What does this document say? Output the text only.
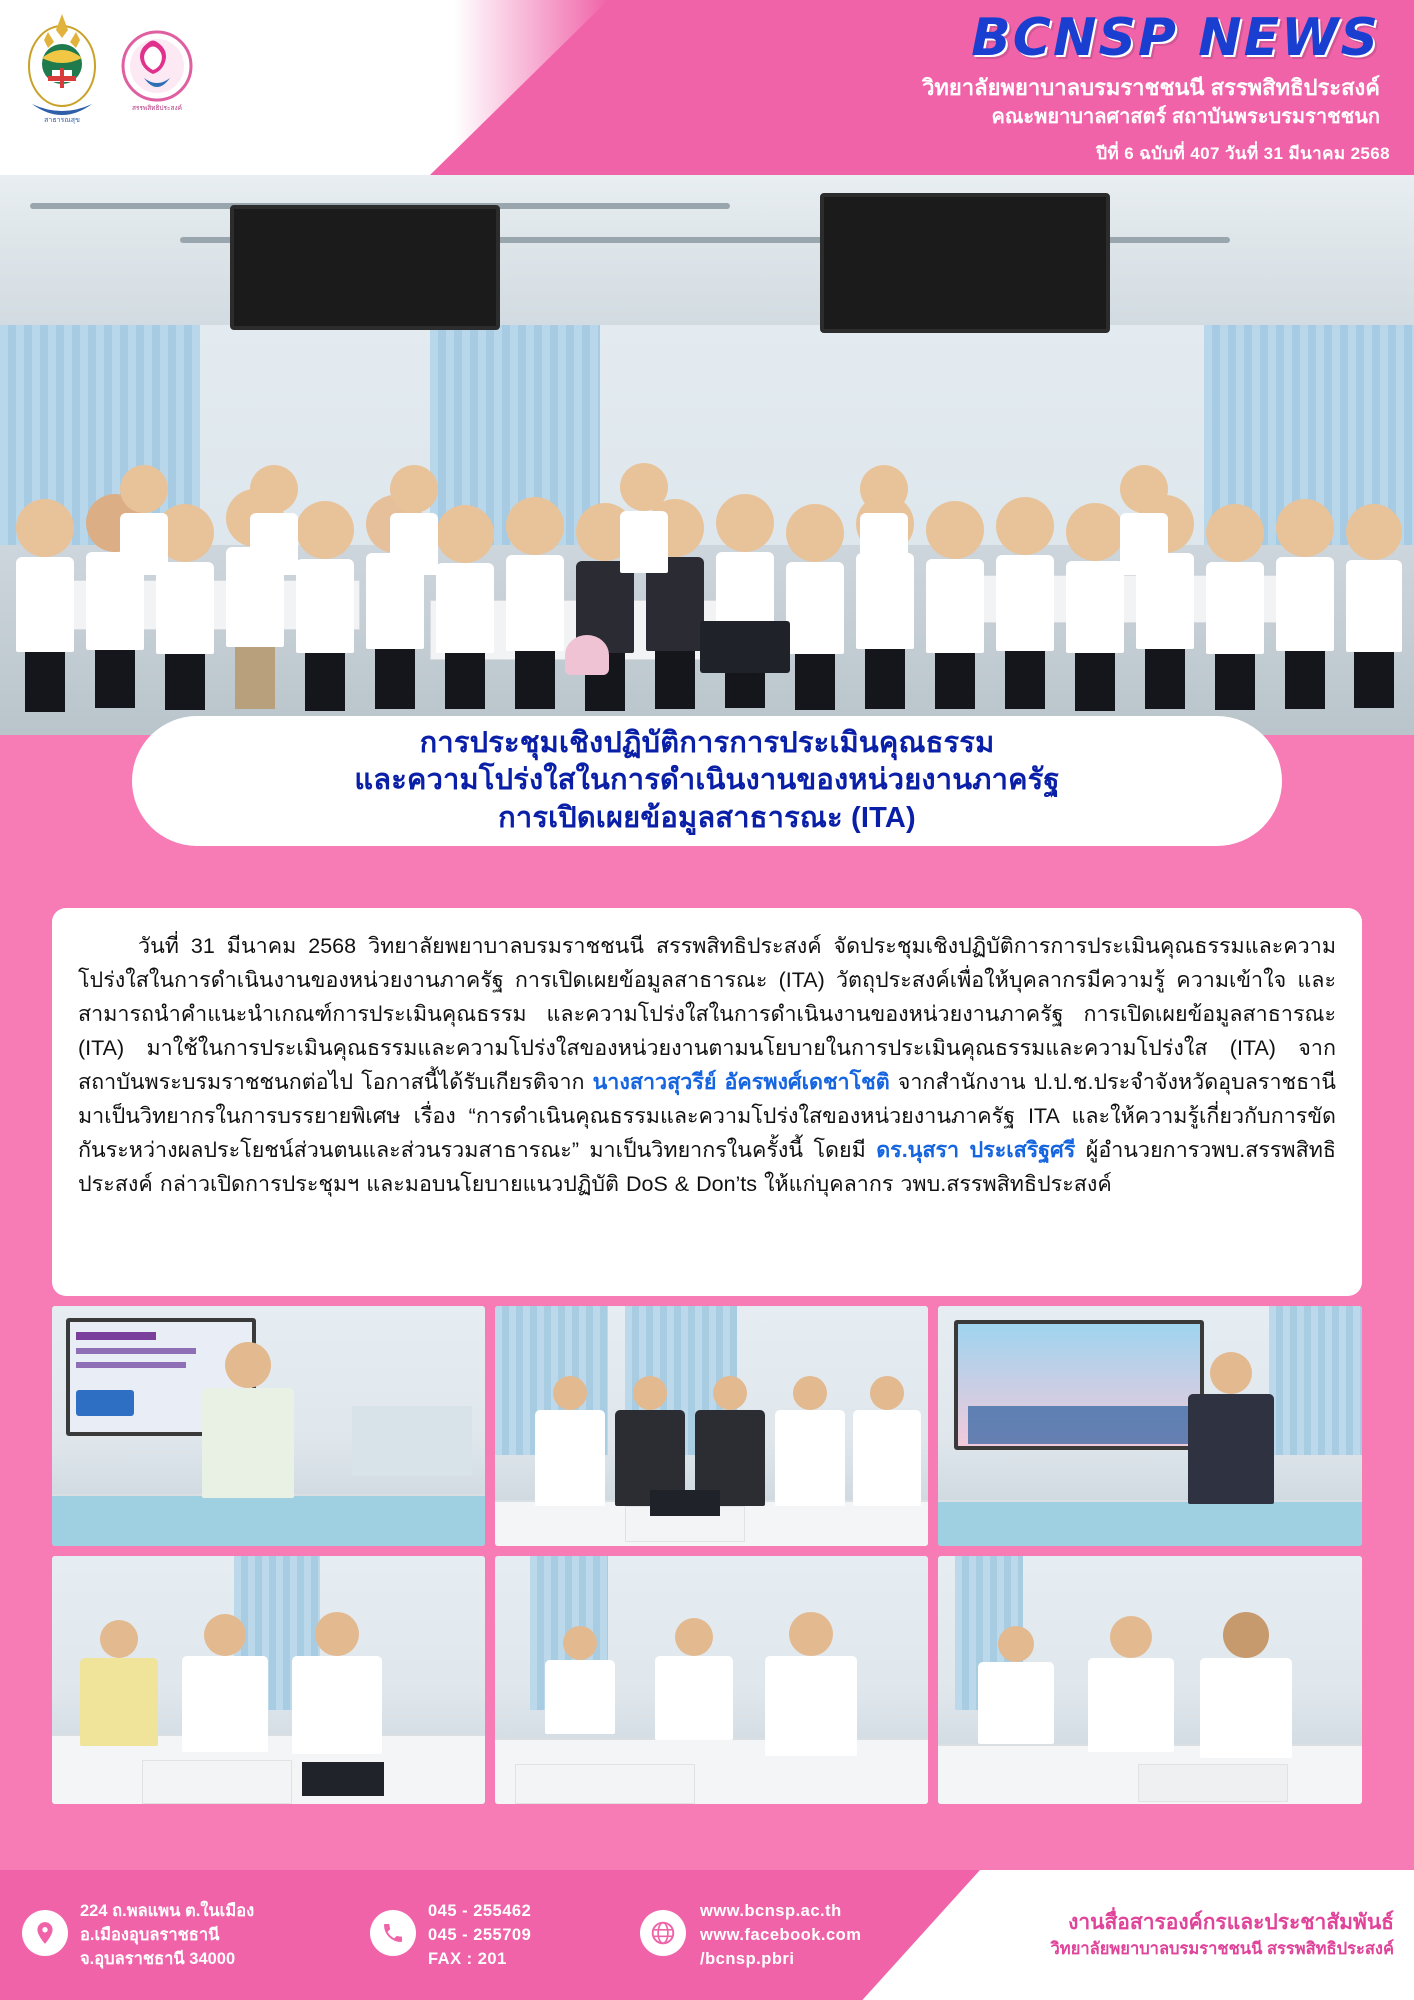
สาธารณสุข
สรรพสิทธิประสงค์
BCNSP NEWS
วิทยาลัยพยาบาลบรมราชชนนี สรรพสิทธิประสงค์
คณะพยาบาลศาสตร์ สถาบันพระบรมราชชนก
ปีที่ 6 ฉบับที่ 407 วันที่ 31 มีนาคม 2568
การประชุมเชิงปฏิบัติการการประเมินคุณธรรม
และความโปร่งใสในการดำเนินงานของหน่วยงานภาครัฐ
การเปิดเผยข้อมูลสาธารณะ (ITA)

วันที่ 31 มีนาคม 2568 วิทยาลัยพยาบาลบรมราชชนนี สรรพสิทธิประสงค์ จัดประชุมเชิงปฏิบัติการการประเมินคุณธรรมและความโปร่งใสในการดำเนินงานของหน่วยงานภาครัฐ การเปิดเผยข้อมูลสาธารณะ (ITA) วัตถุประสงค์เพื่อให้บุคลากรมีความรู้ ความเข้าใจ และสามารถนำคำแนะนำเกณฑ์การประเมินคุณธรรม และความโปร่งใสในการดำเนินงานของหน่วยงานภาครัฐ การเปิดเผยข้อมูลสาธารณะ (ITA) มาใช้ในการประเมินคุณธรรมและความโปร่งใสของหน่วยงานตามนโยบายในการประเมินคุณธรรมและความโปร่งใส (ITA) จากสถาบันพระบรมราชชนกต่อไป โอกาสนี้ได้รับเกียรติจาก นางสาวสุวรีย์ อัครพงศ์เดชาโชติ จากสำนักงาน ป.ป.ช.ประจำจังหวัดอุบลราชธานี มาเป็นวิทยากรในการบรรยายพิเศษ เรื่อง “การดำเนินคุณธรรมและความโปร่งใสของหน่วยงานภาครัฐ ITA และให้ความรู้เกี่ยวกับการขัดกันระหว่างผลประโยชน์ส่วนตนและส่วนรวมสาธารณะ” มาเป็นวิทยากรในครั้งนี้ โดยมี ดร.นุสรา ประเสริฐศรี ผู้อำนวยการวพบ.สรรพสิทธิประสงค์ กล่าวเปิดการประชุมฯ และมอบนโยบายแนวปฏิบัติ DoS & Don’ts ให้แก่บุคลากร วพบ.สรรพสิทธิประสงค์

224 ถ.พลแพน ต.ในเมือง
อ.เมืองอุบลราชธานี
จ.อุบลราชธานี 34000
045 - 255462
045 - 255709
FAX : 201
www.bcnsp.ac.th
www.facebook.com
/bcnsp.pbri
งานสื่อสารองค์กรและประชาสัมพันธ์
วิทยาลัยพยาบาลบรมราชชนนี สรรพสิทธิประสงค์
